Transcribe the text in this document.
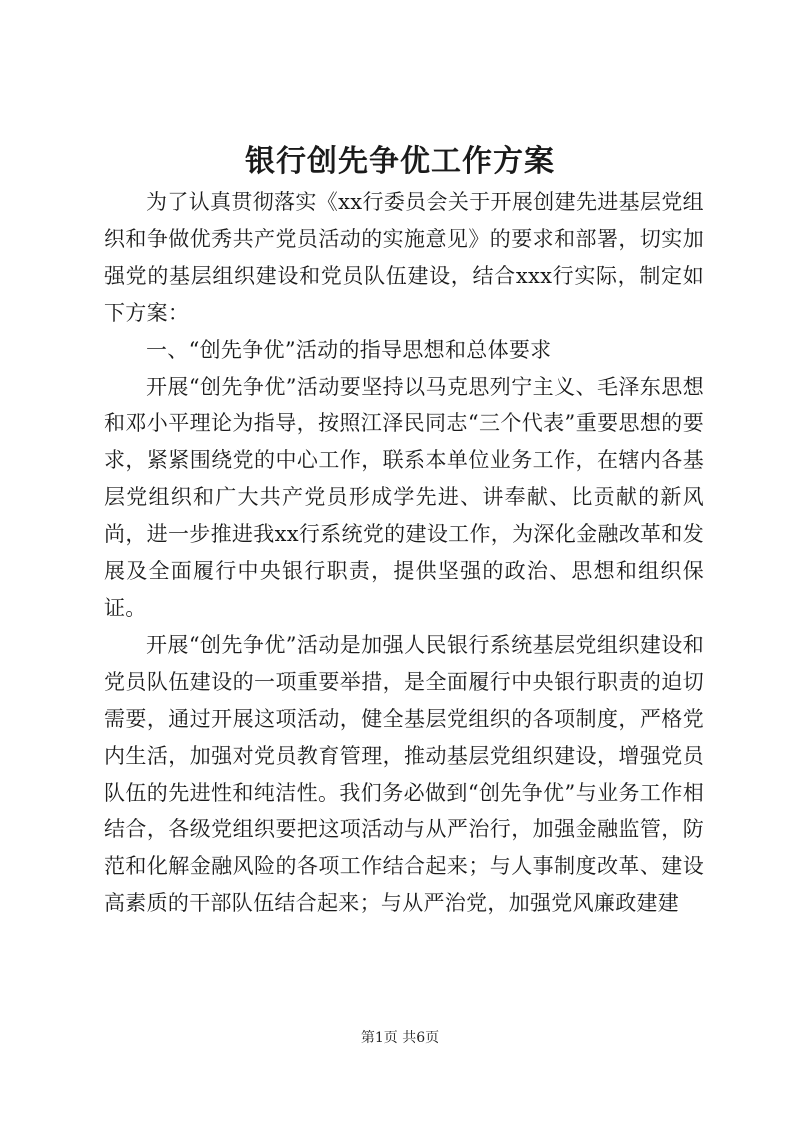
银行创先争优工作方案

为了认真贯彻落实《xx行委员会关于开展创建先进基层党组织和争做优秀共产党员活动的实施意见》的要求和部署，切实加强党的基层组织建设和党员队伍建设，结合xxx行实际，制定如下方案：

一、“创先争优”活动的指导思想和总体要求

开展“创先争优”活动要坚持以马克思列宁主义、毛泽东思想和邓小平理论为指导，按照江泽民同志“三个代表”重要思想的要求，紧紧围绕党的中心工作，联系本单位业务工作，在辖内各基层党组织和广大共产党员形成学先进、讲奉献、比贡献的新风尚，进一步推进我xx行系统党的建设工作，为深化金融改革和发展及全面履行中央银行职责，提供坚强的政治、思想和组织保证。

开展“创先争优”活动是加强人民银行系统基层党组织建设和党员队伍建设的一项重要举措，是全面履行中央银行职责的迫切需要，通过开展这项活动，健全基层党组织的各项制度，严格党内生活，加强对党员教育管理，推动基层党组织建设，增强党员队伍的先进性和纯洁性。我们务必做到“创先争优”与业务工作相结合，各级党组织要把这项活动与从严治行，加强金融监管，防范和化解金融风险的各项工作结合起来；与人事制度改革、建设高素质的干部队伍结合起来；与从严治党，加强党风廉政建建

第1页 共6页
